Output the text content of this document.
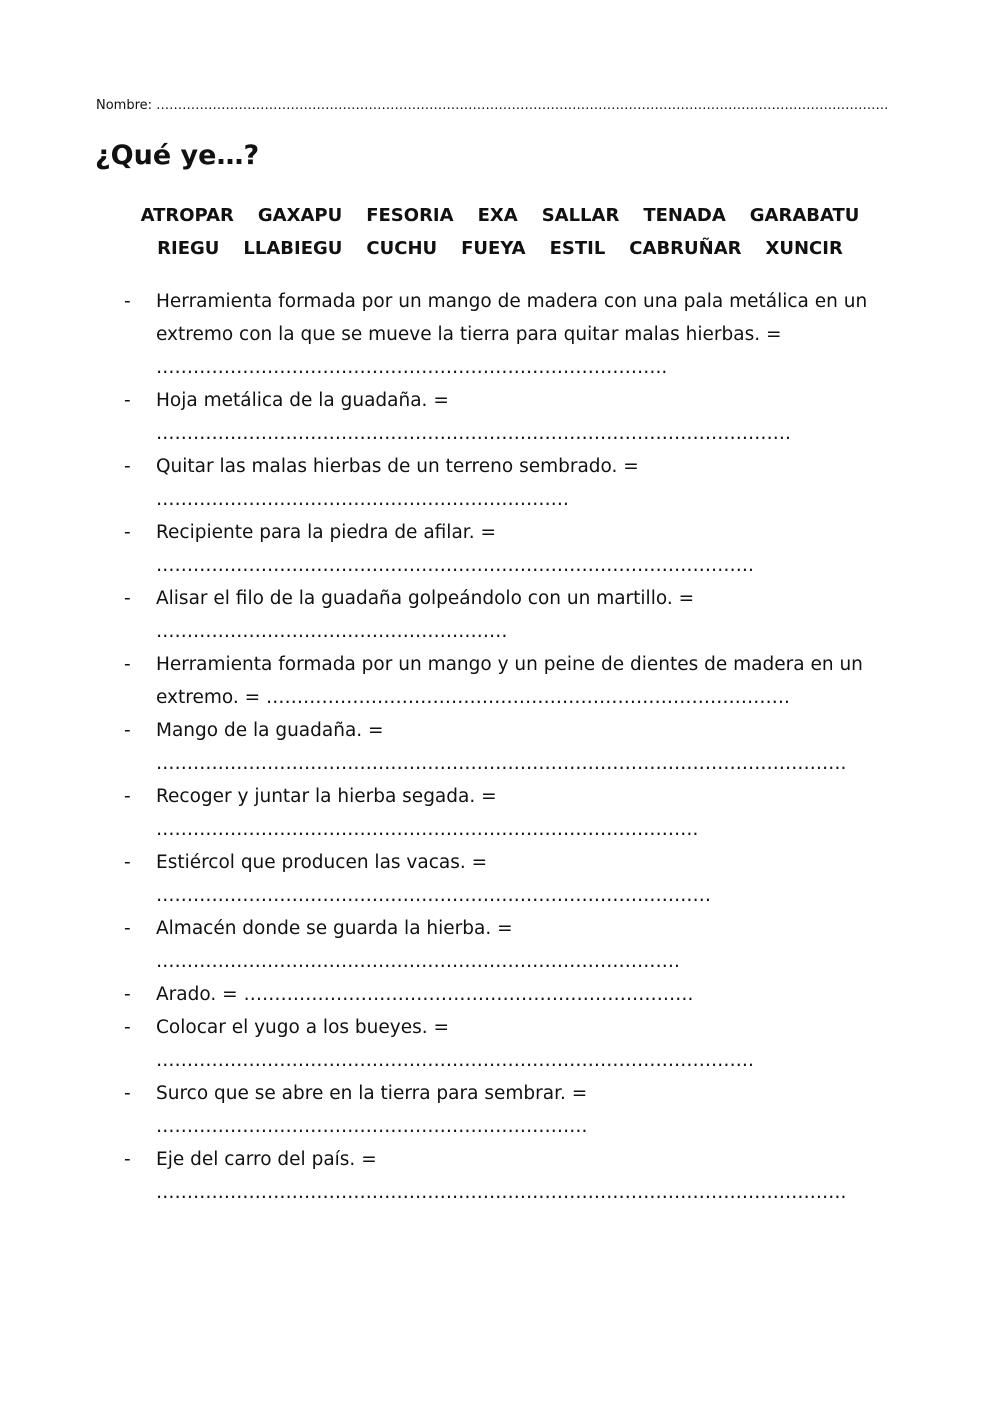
Nombre: …………………………………………………………………………………………………………………………………………………….
¿Qué ye…?
ATROPAR GAXAPU FESORIA EXA SALLAR TENADA GARABATU
RIEGU LLABIEGU CUCHU FUEYA ESTIL CABRUÑAR XUNCIR
- Herramienta formada por un mango de madera con una pala metálica en un
extremo con la que se mueve la tierra para quitar malas hierbas. =
………………………………………………………………………..
- Hoja metálica de la guadaña. =
………………………………………………………………………………………….
- Quitar las malas hierbas de un terreno sembrado. =
………………………………………………………….
- Recipiente para la piedra de afilar. =
…………………………………………………………………………………….
- Alisar el filo de la guadaña golpeándolo con un martillo. =
…………………………………………………
- Herramienta formada por un mango y un peine de dientes de madera en un
extremo. = ………………………………………………………………………….
- Mango de la guadaña. =
………………………………………………………………………………………………….
- Recoger y juntar la hierba segada. =
…………………………………………………………………………….
- Estiércol que producen las vacas. =
………………………………………………………………………………
- Almacén donde se guarda la hierba. =
………………………………………………………………………….
- Arado. = ……………………………………………………………….
- Colocar el yugo a los bueyes. =
…………………………………………………………………………………….
- Surco que se abre en la tierra para sembrar. =
…………………………………………………………….
- Eje del carro del país. =
………………………………………………………………………………………………….
